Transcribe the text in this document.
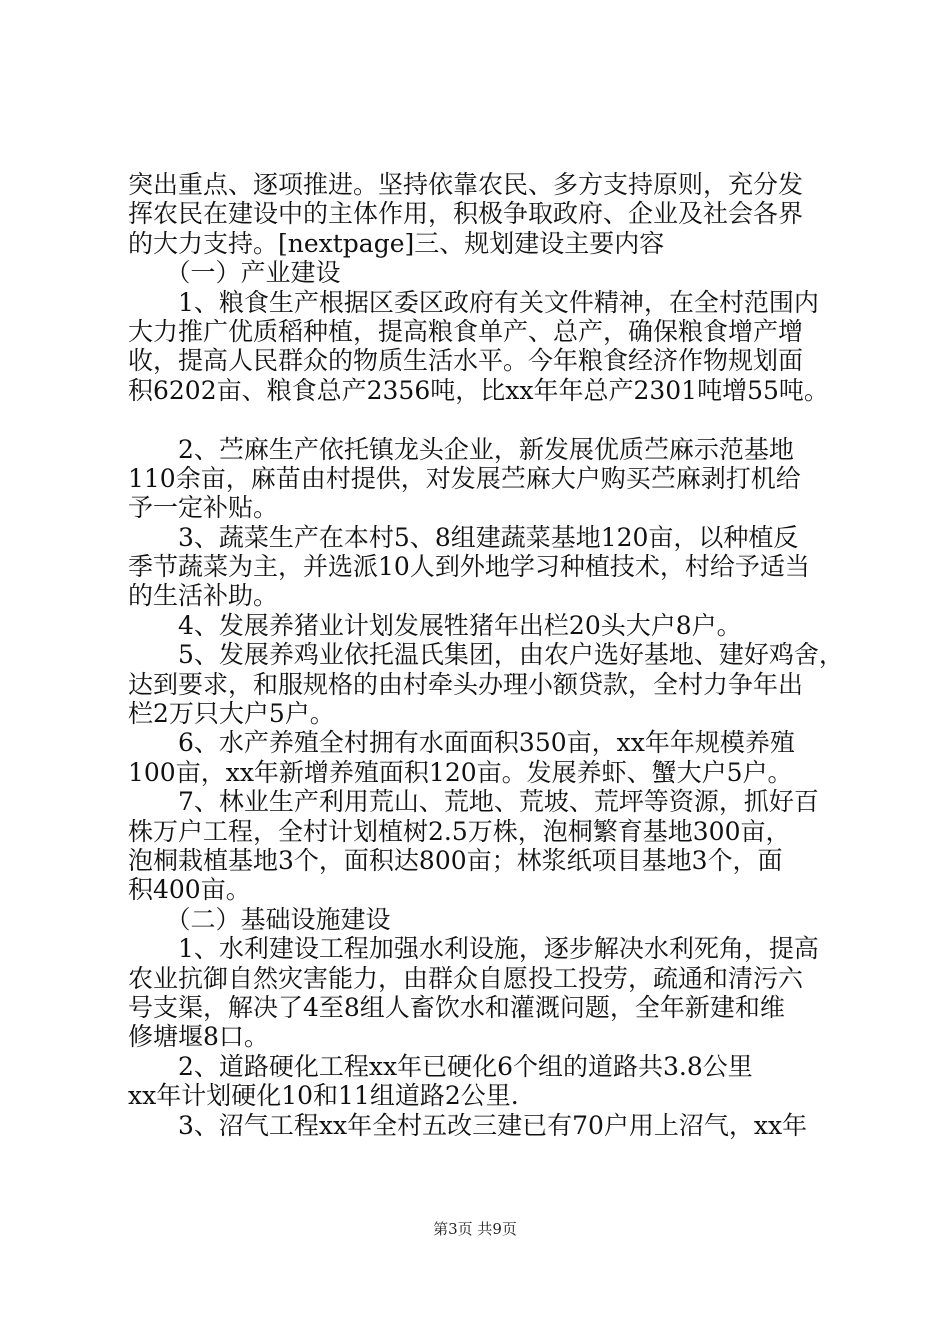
突出重点、逐项推进。坚持依靠农民、多方支持原则，充分发
挥农民在建设中的主体作用，积极争取政府、企业及社会各界
的大力支持。[nextpage]三、规划建设主要内容
　　（一）产业建设
　　1、粮食生产根据区委区政府有关文件精神，在全村范围内
大力推广优质稻种植，提高粮食单产、总产，确保粮食增产增
收，提高人民群众的物质生活水平。今年粮食经济作物规划面
积6202亩、粮食总产2356吨，比xx年年总产2301吨增55吨。
　　2、苎麻生产依托镇龙头企业，新发展优质苎麻示范基地
110余亩，麻苗由村提供，对发展苎麻大户购买苎麻剥打机给
予一定补贴。
　　3、蔬菜生产在本村5、8组建蔬菜基地120亩，以种植反
季节蔬菜为主，并选派10人到外地学习种植技术，村给予适当
的生活补助。
　　4、发展养猪业计划发展牲猪年出栏20头大户8户。
　　5、发展养鸡业依托温氏集团，由农户选好基地、建好鸡舍，
达到要求，和服规格的由村牵头办理小额贷款，全村力争年出
栏2万只大户5户。
　　6、水产养殖全村拥有水面面积350亩，xx年年规模养殖
100亩，xx年新增养殖面积120亩。发展养虾、蟹大户5户。
　　7、林业生产利用荒山、荒地、荒坡、荒坪等资源，抓好百
株万户工程，全村计划植树2.5万株，泡桐繁育基地300亩，
泡桐栽植基地3个，面积达800亩；林浆纸项目基地3个，面
积400亩。
　　（二）基础设施建设
　　1、水利建设工程加强水利设施，逐步解决水利死角，提高
农业抗御自然灾害能力，由群众自愿投工投劳，疏通和清污六
号支渠，解决了4至8组人畜饮水和灌溉问题，全年新建和维
修塘堰8口。
　　2、道路硬化工程xx年已硬化6个组的道路共3.8公里
xx年计划硬化10和11组道路2公里.
　　3、沼气工程xx年全村五改三建已有70户用上沼气，xx年
第3页 共9页
